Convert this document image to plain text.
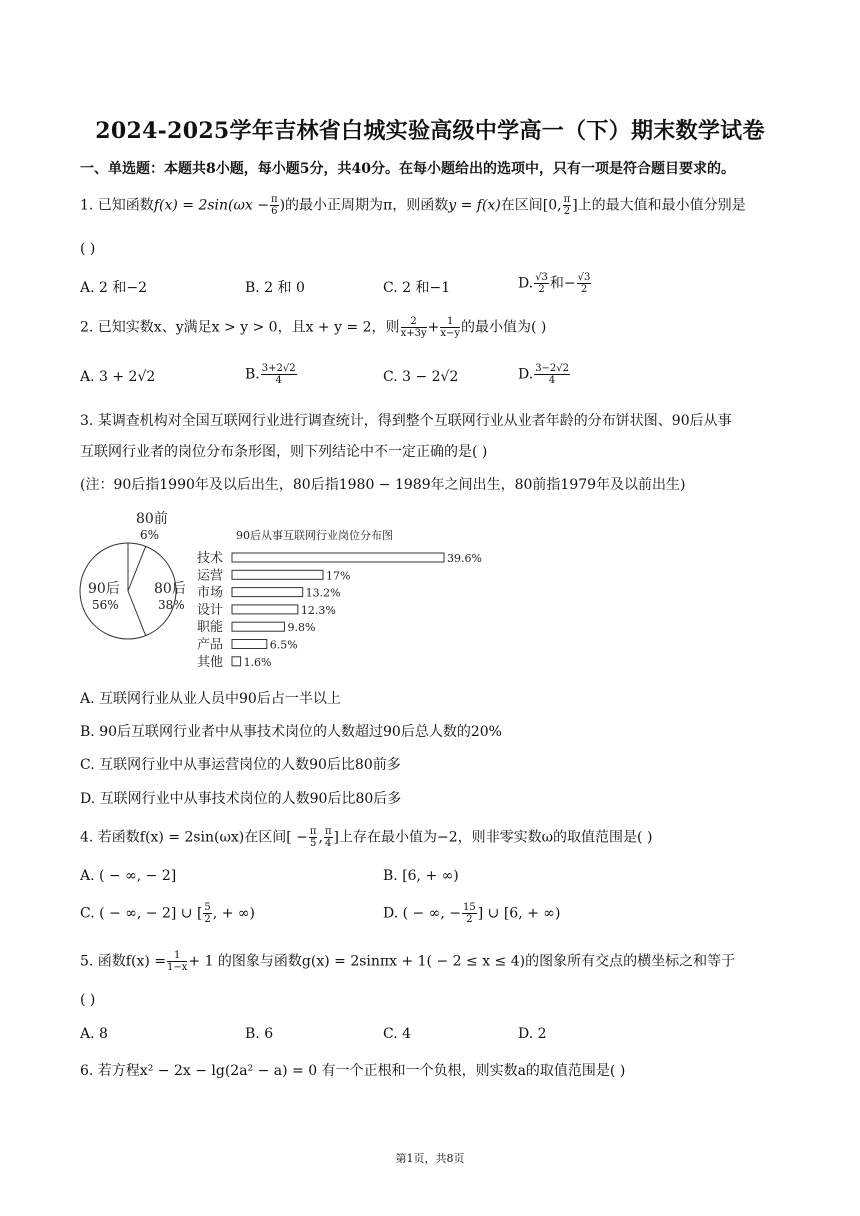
2024-2025学年吉林省白城实验高级中学高一（下）期末数学试卷
一、单选题：本题共8小题，每小题5分，共40分。在每小题给出的选项中，只有一项是符合题目要求的。
1. 已知函数$f(x) = 2\sin(\omega x - \frac{\pi}{6}$ )的最小正周期为π，则函数y = f(x)在区间[0, $\frac{\pi}{2}$ ]上的最大值和最小值分别是
( )
A. 2 和−2	B. 2 和 0	C. 2 和−1	D. $\frac{√3}{2}$ 和− $\frac{√3}{2}$
2. 已知实数x、y满足x > y > 0，且x + y = 2，则 $\frac{2}{x+3y} + \frac{1}{x-y}$ 的最小值为( )
A. 3 + 2√2	B. $\frac{3+2√2}{4}$	C. 3 − 2√2	D. $\frac{3-2√2}{4}$
3. 某调查机构对全国互联网行业进行调查统计，得到整个互联网行业从业者年龄的分布饼状图、90后从事
互联网行业者的岗位分布条形图，则下列结论中不一定正确的是( )
(注：90后指1990年及以后出生，80后指1980 − 1989年之间出生，80前指1979年及以前出生)
80前
6%
80后
38%
90后
56%
90后从事互联网行业岗位分布图
技术	39.6%
运营	17%
市场	13.2%
设计	12.3%
职能	9.8%
产品	6.5%
其他 1.6%
A. 互联网行业从业人员中90后占一半以上
B. 90后互联网行业者中从事技术岗位的人数超过90后总人数的20%
C. 互联网行业中从事运营岗位的人数90后比80前多
D. 互联网行业中从事技术岗位的人数90后比80后多
4. 若函数f(x) = 2sin(ωx)在区间[ − $\frac{\pi}{5}$ , $\frac{\pi}{4}$ ]上存在最小值为−2，则非零实数ω的取值范围是( )
A. ( − ∞, − 2]	B. [6, + ∞)
C. ( − ∞, − 2] ∪ [ $\frac{5}{2}$ , + ∞)	D. ( − ∞, − $\frac{15}{2}$ ] ∪ [6, + ∞)
5. 函数$f(x) = \frac{1}{1-x} + 1$ 的图象与函数g(x) = 2sinπx + 1( − 2 ≤ x ≤ 4)的图象所有交点的横坐标之和等于
( )
A. 8	B. 6	C. 4	D. 2
6. 若方程x² − 2x − lg(2a² − a) = 0 有一个正根和一个负根，则实数a的取值范围是( )
第1页，共8页
